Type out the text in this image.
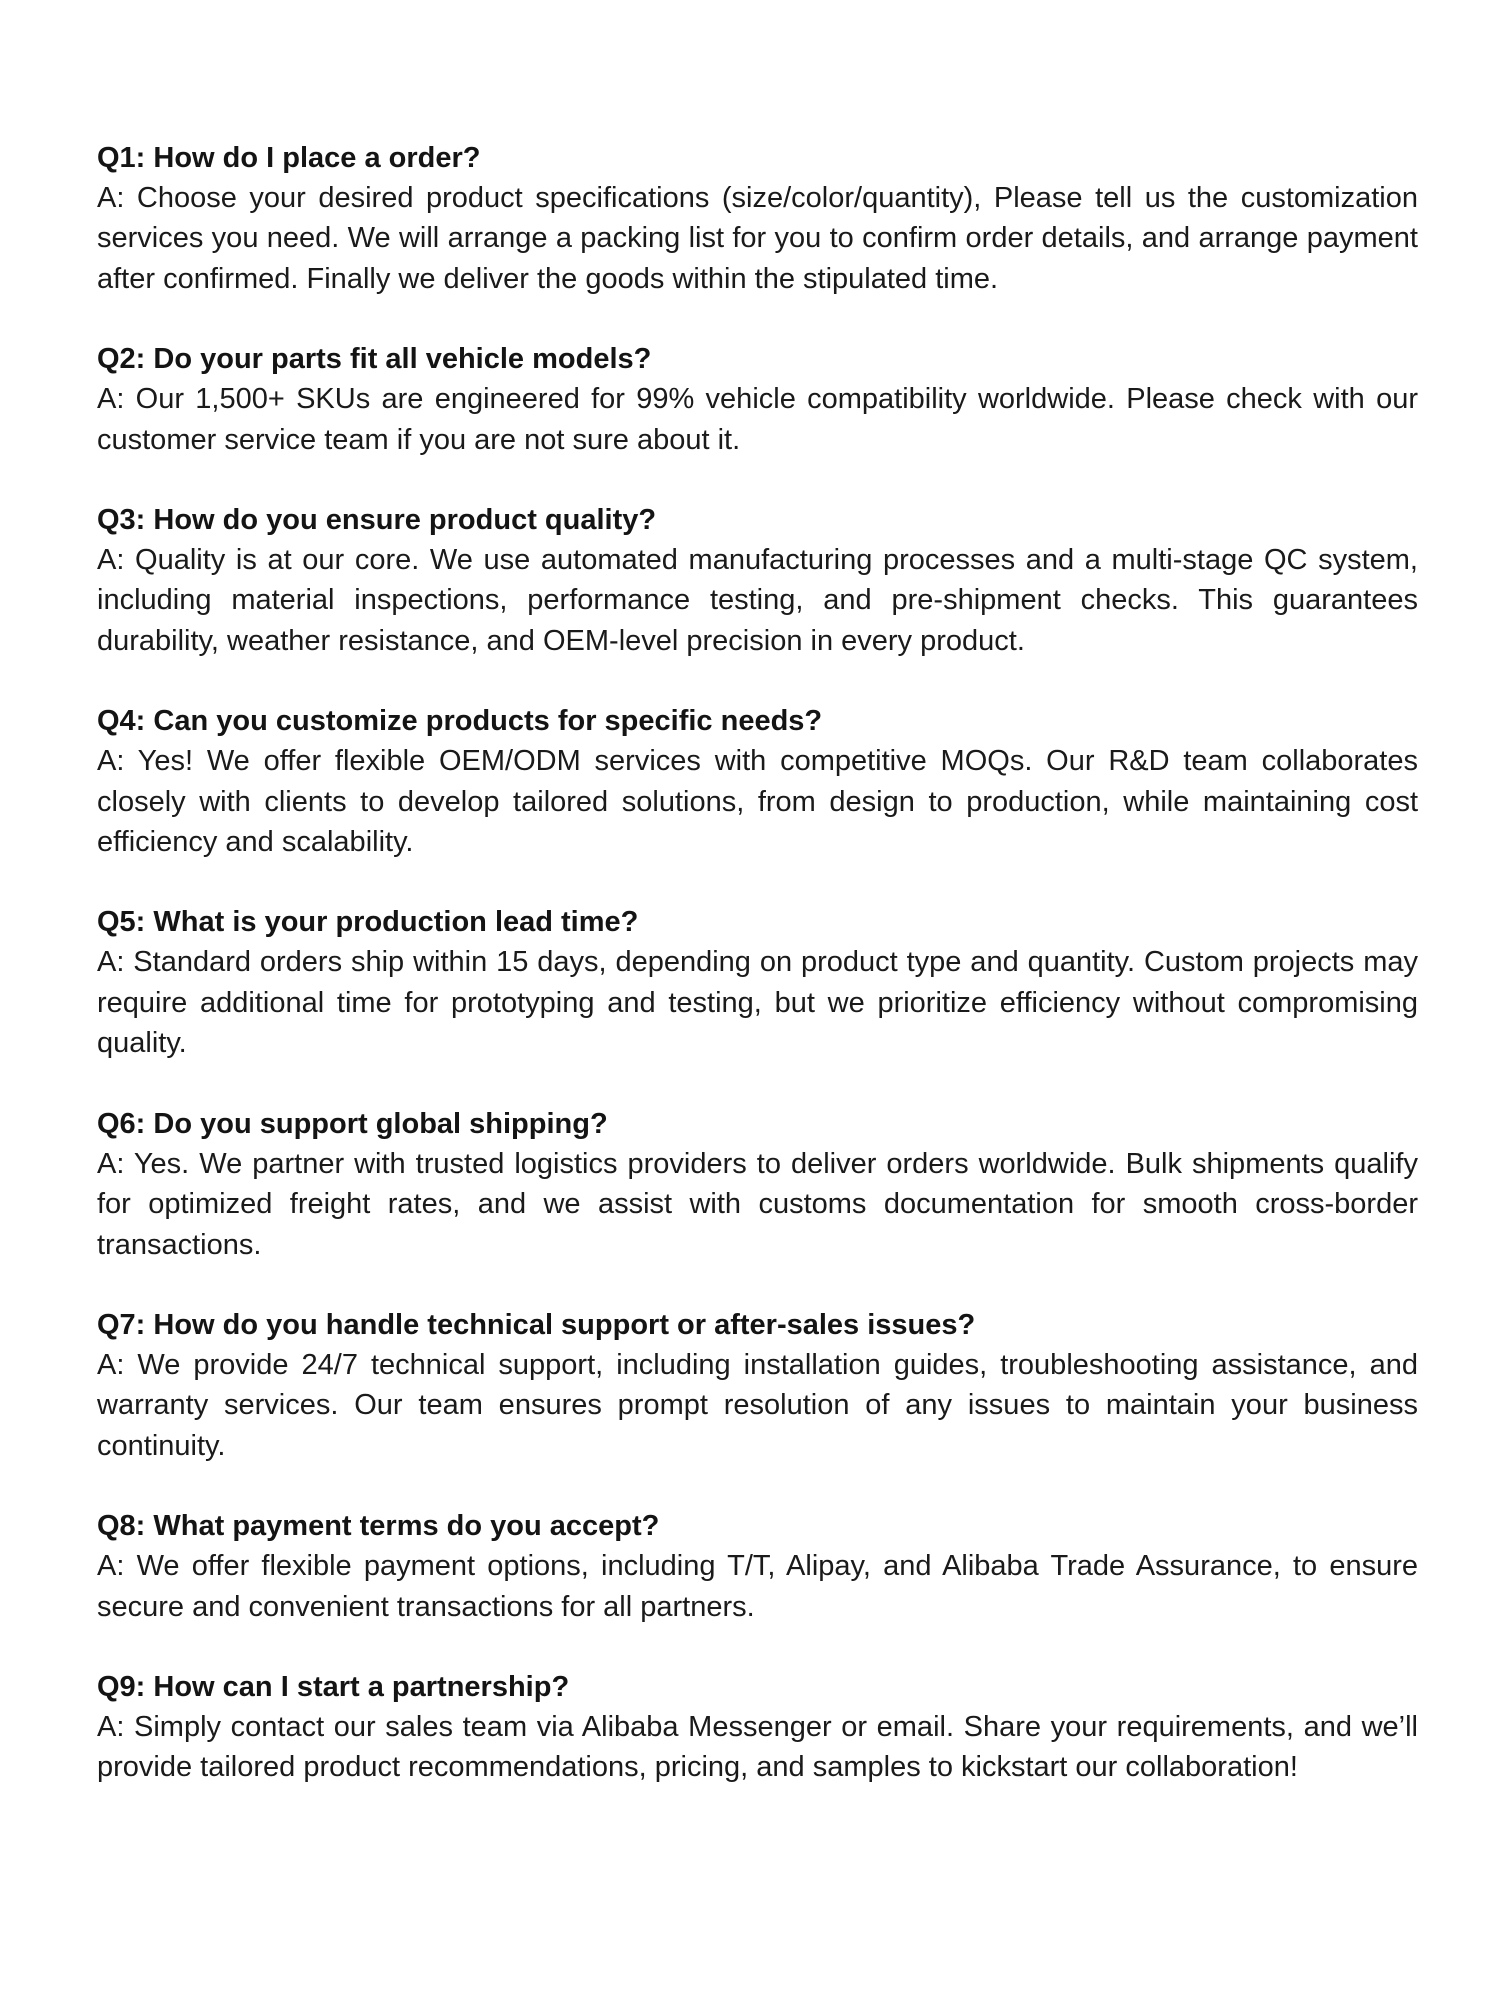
Q1: How do I place a order?

A: Choose your desired product specifications (size/color/quantity), Please tell us the customization services you need. We will arrange a packing list for you to confirm order details, and arrange payment after confirmed. Finally we deliver the goods within the stipulated time.

Q2: Do your parts fit all vehicle models?

A: Our 1,500+ SKUs are engineered for 99% vehicle compatibility worldwide. Please check with our customer service team if you are not sure about it.

Q3: How do you ensure product quality?

A: Quality is at our core. We use automated manufacturing processes and a multi-stage QC system, including material inspections, performance testing, and pre-shipment checks. This guarantees durability, weather resistance, and OEM-level precision in every product.

Q4: Can you customize products for specific needs?

A: Yes! We offer flexible OEM/ODM services with competitive MOQs. Our R&D team collaborates closely with clients to develop tailored solutions, from design to production, while maintaining cost efficiency and scalability.

Q5: What is your production lead time?

A: Standard orders ship within 15 days, depending on product type and quantity. Custom projects may require additional time for prototyping and testing, but we prioritize efficiency without compromising quality.

Q6: Do you support global shipping?

A: Yes. We partner with trusted logistics providers to deliver orders worldwide. Bulk shipments qualify for optimized freight rates, and we assist with customs documentation for smooth cross-border transactions.

Q7: How do you handle technical support or after-sales issues?

A: We provide 24/7 technical support, including installation guides, troubleshooting assistance, and warranty services. Our team ensures prompt resolution of any issues to maintain your business continuity.

Q8: What payment terms do you accept?

A: We offer flexible payment options, including T/T, Alipay, and Alibaba Trade Assurance, to ensure secure and convenient transactions for all partners.

Q9: How can I start a partnership?

A: Simply contact our sales team via Alibaba Messenger or email. Share your requirements, and we’ll provide tailored product recommendations, pricing, and samples to kickstart our collaboration!
